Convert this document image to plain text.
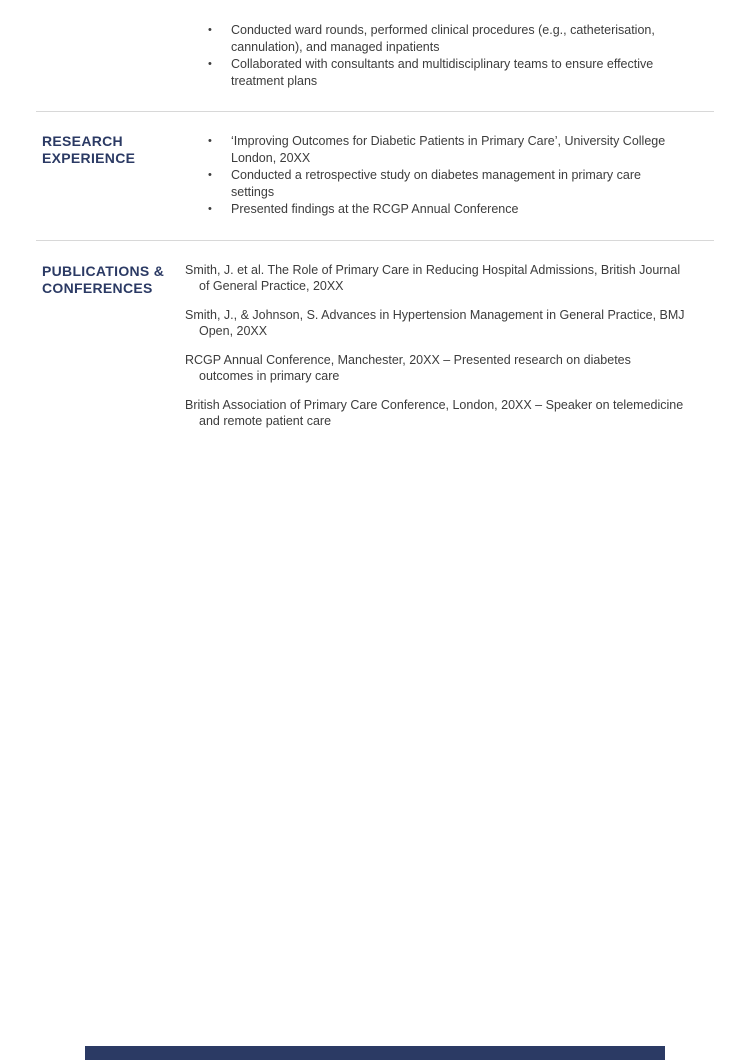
•	Conducted ward rounds, performed clinical procedures (e.g., catheterisation,
cannulation), and managed inpatients
•	Collaborated with consultants and multidisciplinary teams to ensure effective
treatment plans
RESEARCH EXPERIENCE
•	‘Improving Outcomes for Diabetic Patients in Primary Care’, University College
London, 20XX
•	Conducted a retrospective study on diabetes management in primary care
settings
•	Presented findings at the RCGP Annual Conference
PUBLICATIONS & CONFERENCES
Smith, J. et al. The Role of Primary Care in Reducing Hospital Admissions, British Journal
of General Practice, 20XX
Smith, J., & Johnson, S. Advances in Hypertension Management in General Practice, BMJ
Open, 20XX
RCGP Annual Conference, Manchester, 20XX – Presented research on diabetes
outcomes in primary care
British Association of Primary Care Conference, London, 20XX – Speaker on telemedicine
and remote patient care
